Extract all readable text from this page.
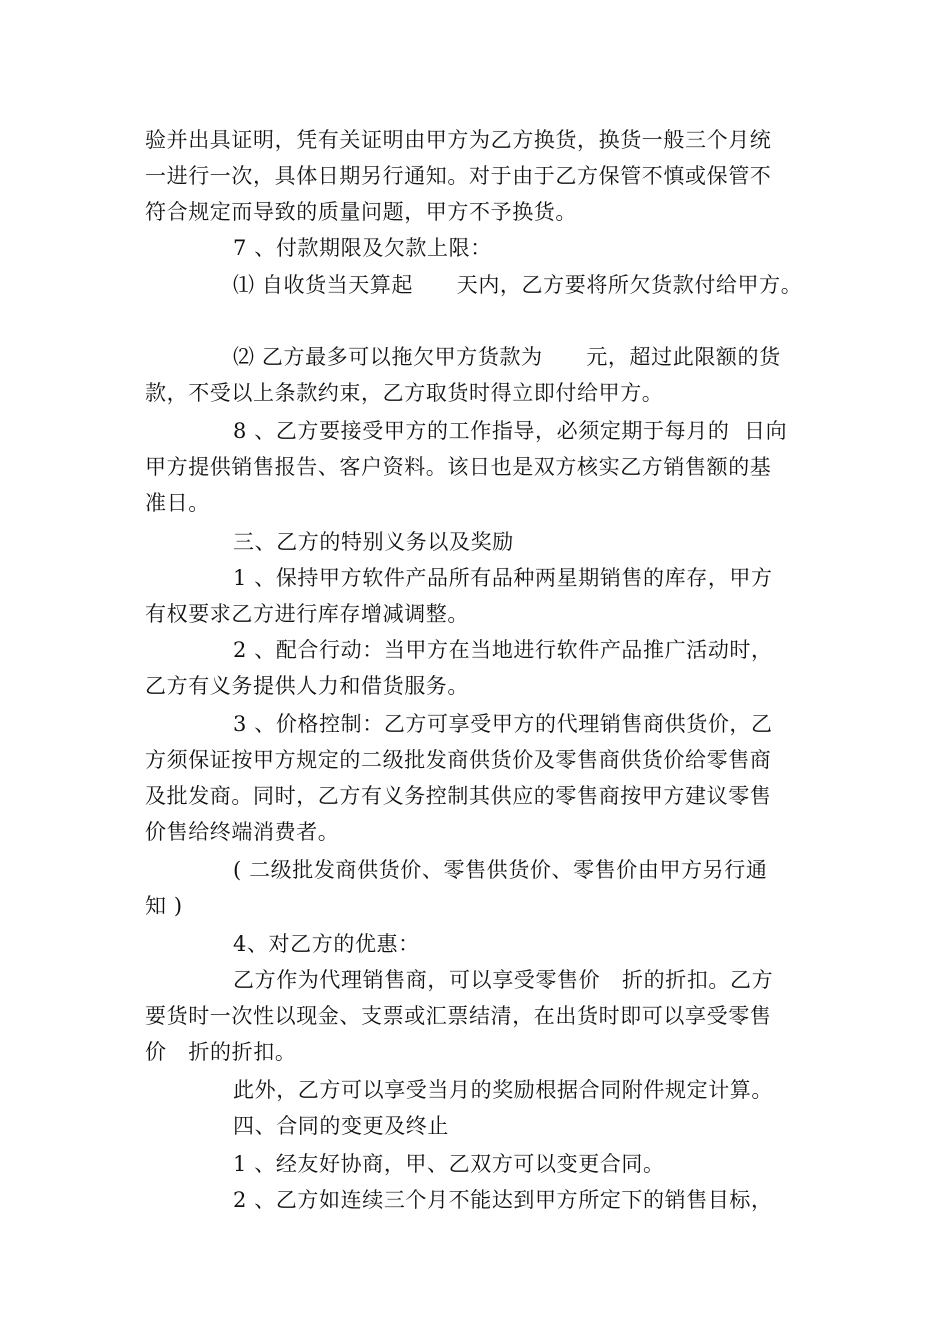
验并出具证明，凭有关证明由甲方为乙方换货，换货一般三个月统
一进行一次，具体日期另行通知。对于由于乙方保管不慎或保管不
符合规定而导致的质量问题，甲方不予换货。
7 、付款期限及欠款上限：
⑴ 自收货当天算起      天内，乙方要将所欠货款付给甲方。
⑵ 乙方最多可以拖欠甲方货款为      元，超过此限额的货
款，不受以上条款约束，乙方取货时得立即付给甲方。
8 、乙方要接受甲方的工作指导，必须定期于每月的  日向
甲方提供销售报告、客户资料。该日也是双方核实乙方销售额的基
准日。
三、乙方的特别义务以及奖励
1 、保持甲方软件产品所有品种两星期销售的库存，甲方
有权要求乙方进行库存增减调整。
2 、配合行动：当甲方在当地进行软件产品推广活动时，
乙方有义务提供人力和借货服务。
3 、价格控制：乙方可享受甲方的代理销售商供货价，乙
方须保证按甲方规定的二级批发商供货价及零售商供货价给零售商
及批发商。同时，乙方有义务控制其供应的零售商按甲方建议零售
价售给终端消费者。
( 二级批发商供货价、零售供货价、零售价由甲方另行通
知 )
4、对乙方的优惠：
乙方作为代理销售商，可以享受零售价   折的折扣。乙方
要货时一次性以现金、支票或汇票结清，在出货时即可以享受零售
价   折的折扣。
此外，乙方可以享受当月的奖励根据合同附件规定计算。
四、合同的变更及终止
1 、经友好协商，甲、乙双方可以变更合同。
2 、乙方如连续三个月不能达到甲方所定下的销售目标，
